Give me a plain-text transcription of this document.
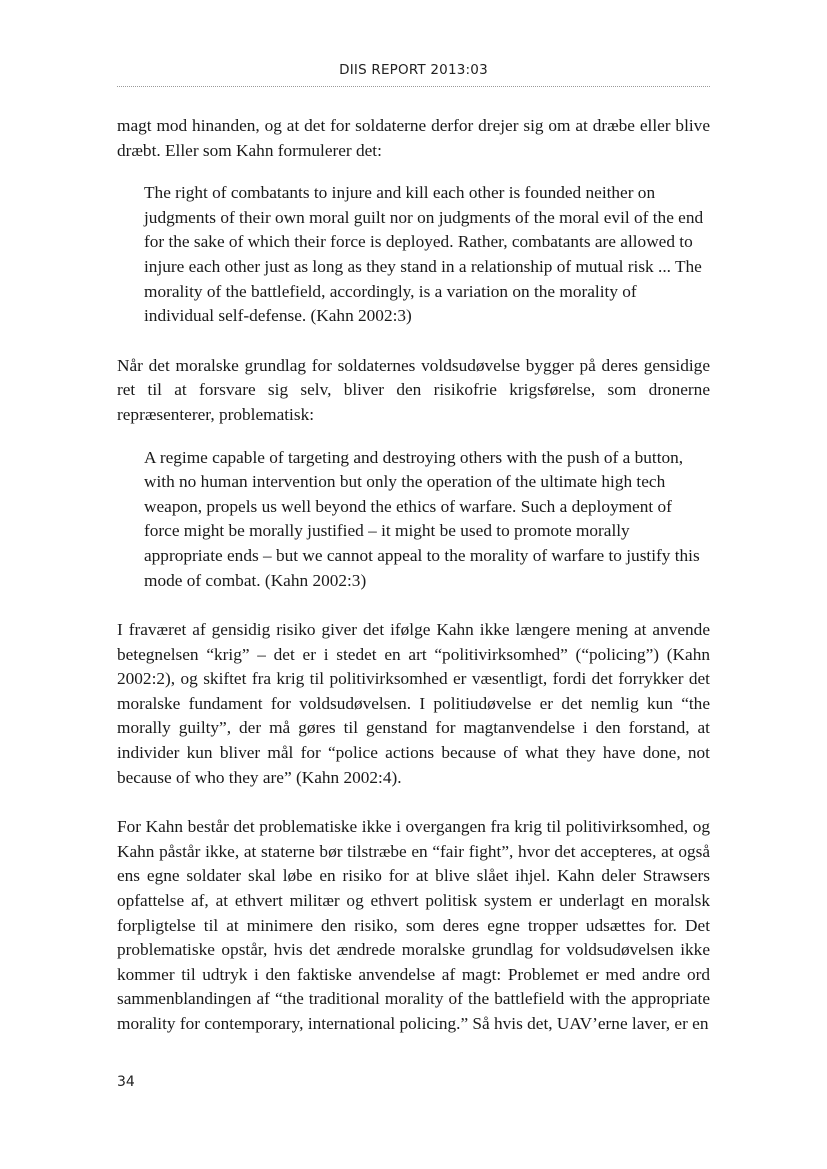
DIIS REPORT 2013:03

magt mod hinanden, og at det for soldaterne derfor drejer sig om at dræbe eller blive dræbt. Eller som Kahn formulerer det:

The right of combatants to injure and kill each other is founded neither on judgments of their own moral guilt nor on judgments of the moral evil of the end for the sake of which their force is deployed. Rather, combatants are allowed to injure each other just as long as they stand in a relationship of mutual risk ... The morality of the battlefield, accordingly, is a variation on the morality of individual self-defense. (Kahn 2002:3)

Når det moralske grundlag for soldaternes voldsudøvelse bygger på deres gensidige ret til at forsvare sig selv, bliver den risikofrie krigsførelse, som dronerne repræsenterer, problematisk:

A regime capable of targeting and destroying others with the push of a button, with no human intervention but only the operation of the ultimate high tech weapon, propels us well beyond the ethics of warfare. Such a deployment of force might be morally justified – it might be used to promote morally appropriate ends – but we cannot appeal to the morality of warfare to justify this mode of combat. (Kahn 2002:3)

I fraværet af gensidig risiko giver det ifølge Kahn ikke længere mening at anvende betegnelsen “krig” – det er i stedet en art “politivirksomhed” (“policing”) (Kahn 2002:2), og skiftet fra krig til politivirksomhed er væsentligt, fordi det forrykker det moralske fundament for voldsudøvelsen. I politiudøvelse er det nemlig kun “the morally guilty”, der må gøres til genstand for magtanvendelse i den forstand, at individer kun bliver mål for “police actions because of what they have done, not because of who they are” (Kahn 2002:4).

For Kahn består det problematiske ikke i overgangen fra krig til politivirksomhed, og Kahn påstår ikke, at staterne bør tilstræbe en “fair fight”, hvor det accepteres, at også ens egne soldater skal løbe en risiko for at blive slået ihjel. Kahn deler Strawsers opfattelse af, at ethvert militær og ethvert politisk system er underlagt en moralsk forpligtelse til at minimere den risiko, som deres egne tropper udsættes for. Det problematiske opstår, hvis det ændrede moralske grundlag for voldsudøvelsen ikke kommer til udtryk i den faktiske anvendelse af magt: Problemet er med andre ord sammenblandingen af “the traditional morality of the battlefield with the appropriate morality for contemporary, international policing.” Så hvis det, UAV’erne laver, er en

34
